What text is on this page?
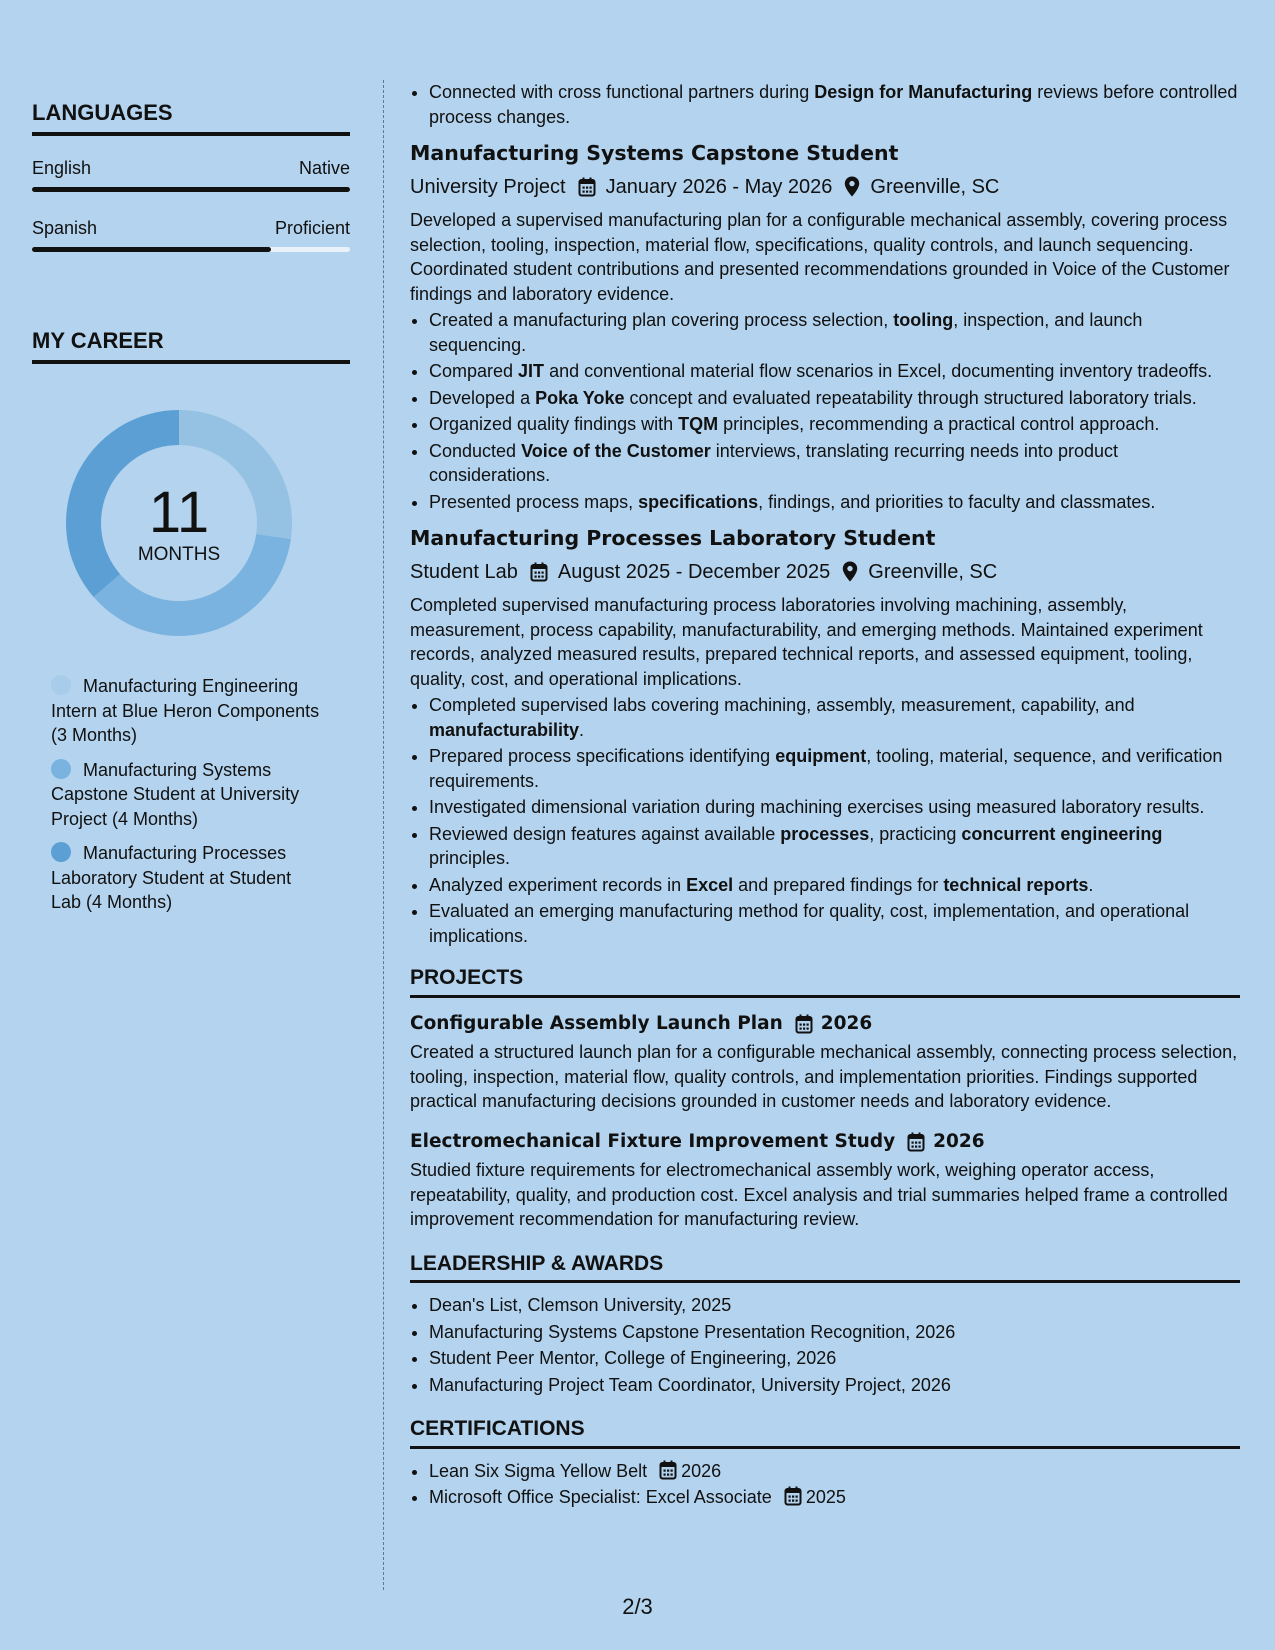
LANGUAGES
English	Native
Spanish	Proficient
MY CAREER
11
MONTHS
Manufacturing Engineering Intern at Blue Heron Components (3 Months)
Manufacturing Systems Capstone Student at University Project (4 Months)
Manufacturing Processes Laboratory Student at Student Lab (4 Months)
• Connected with cross functional partners during Design for Manufacturing reviews before controlled process changes.
Manufacturing Systems Capstone Student
University Project January 2026 - May 2026 Greenville, SC

Developed a supervised manufacturing plan for a configurable mechanical assembly, covering process selection, tooling, inspection, material flow, specifications, quality controls, and launch sequencing. Coordinated student contributions and presented recommendations grounded in Voice of the Customer findings and laboratory evidence.

• Created a manufacturing plan covering process selection, tooling, inspection, and launch sequencing.
• Compared JIT and conventional material flow scenarios in Excel, documenting inventory tradeoffs.
• Developed a Poka Yoke concept and evaluated repeatability through structured laboratory trials.
• Organized quality findings with TQM principles, recommending a practical control approach.
• Conducted Voice of the Customer interviews, translating recurring needs into product considerations.
• Presented process maps, specifications, findings, and priorities to faculty and classmates.
Manufacturing Processes Laboratory Student
Student Lab August 2025 - December 2025 Greenville, SC

Completed supervised manufacturing process laboratories involving machining, assembly, measurement, process capability, manufacturability, and emerging methods. Maintained experiment records, analyzed measured results, prepared technical reports, and assessed equipment, tooling, quality, cost, and operational implications.

• Completed supervised labs covering machining, assembly, measurement, capability, and manufacturability.
• Prepared process specifications identifying equipment, tooling, material, sequence, and verification requirements.
• Investigated dimensional variation during machining exercises using measured laboratory results.
• Reviewed design features against available processes, practicing concurrent engineering principles.
• Analyzed experiment records in Excel and prepared findings for technical reports.
• Evaluated an emerging manufacturing method for quality, cost, implementation, and operational implications.
PROJECTS
Configurable Assembly Launch Plan 2026
Created a structured launch plan for a configurable mechanical assembly, connecting process selection, tooling, inspection, material flow, quality controls, and implementation priorities. Findings supported practical manufacturing decisions grounded in customer needs and laboratory evidence.
Electromechanical Fixture Improvement Study 2026
Studied fixture requirements for electromechanical assembly work, weighing operator access, repeatability, quality, and production cost. Excel analysis and trial summaries helped frame a controlled improvement recommendation for manufacturing review.
LEADERSHIP & AWARDS
• Dean's List, Clemson University, 2025
• Manufacturing Systems Capstone Presentation Recognition, 2026
• Student Peer Mentor, College of Engineering, 2026
• Manufacturing Project Team Coordinator, University Project, 2026
CERTIFICATIONS
• Lean Six Sigma Yellow Belt 2026
• Microsoft Office Specialist: Excel Associate 2025
2/3
